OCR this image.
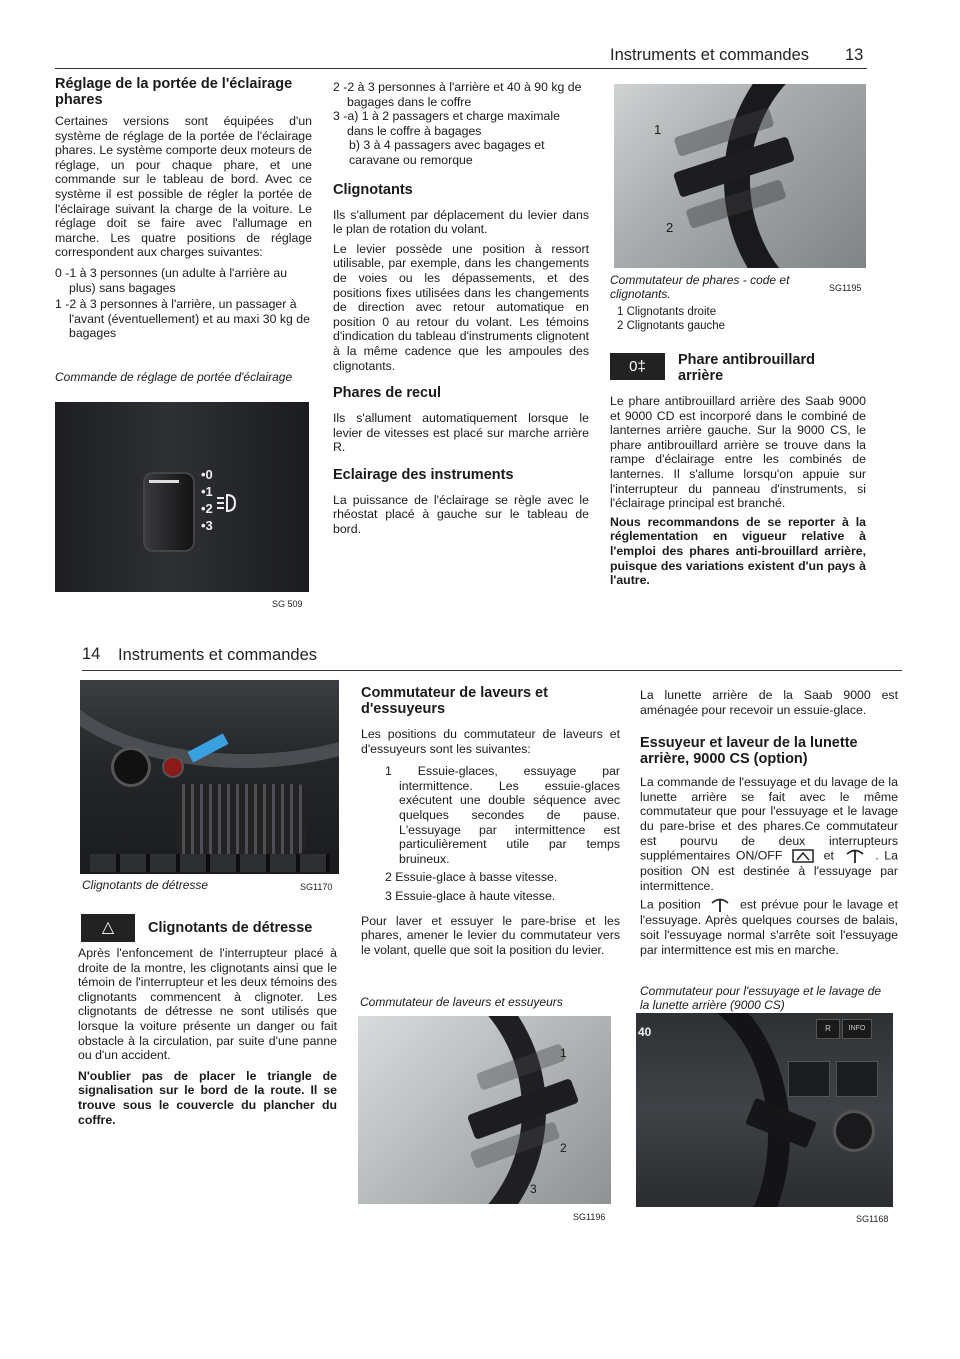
Instruments et commandes 13

Réglage de la portée de l'éclairage phares

Certaines versions sont équipées d'un système de réglage de la portée de l'éclairage phares. Le système comporte deux moteurs de réglage, un pour chaque phare, et une commande sur le tableau de bord. Avec ce système il est possible de régler la portée de l'éclairage suivant la charge de la voiture. Le réglage doit se faire avec l'allumage en marche. Les quatre positions de réglage correspondent aux charges suivantes:

0 -1 à 3 personnes (un adulte à l'arrière au plus) sans bagages

1 -2 à 3 personnes à l'arrière, un passager à l'avant (éventuellement) et au maxi 30 kg de bagages

Commande de réglage de portée d'éclairage
•0
•1
•2
•3
SG 509

2 -2 à 3 personnes à l'arrière et 40 à 90 kg de bagages dans le coffre

3 -a) 1 à 2 passagers et charge maximale dans le coffre à bagages

b) 3 à 4 passagers avec bagages et caravane ou remorque

Clignotants

Ils s'allument par déplacement du levier dans le plan de rotation du volant.

Le levier possède une position à ressort utilisable, par exemple, dans les changements de voies ou les dépassements, et des positions fixes utilisées dans les changements de direction avec retour automatique en position 0 au retour du volant. Les témoins d'indication du tableau d'instruments clignotent à la même cadence que les ampoules des clignotants.

Phares de recul

Ils s'allument automatiquement lorsque le levier de vitesses est placé sur marche arrière R.

Eclairage des instruments

La puissance de l'éclairage se règle avec le rhéostat placé à gauche sur le tableau de bord.

1
2
Commutateur de phares - code et clignotants.	SG1195
1 Clignotants droite
2 Clignotants gauche
0‡	Phare antibrouillard arrière

Le phare antibrouillard arrière des Saab 9000 et 9000 CD est incorporé dans le combiné de lanternes arrière gauche. Sur la 9000 CS, le phare antibrouillard arrière se trouve dans la rampe d'éclairage entre les combinés de lanternes. Il s'allume lorsqu'on appuie sur l'interrupteur du panneau d'instruments, si l'éclairage principal est branché.

Nous recommandons de se reporter à la réglementation en vigueur relative à l'emploi des phares anti-brouillard arrière, puisque des variations existent d'un pays à l'autre.

14 Instruments et commandes
Clignotants de détresse	SG1170
△	Clignotants de détresse

Après l'enfoncement de l'interrupteur placé à droite de la montre, les clignotants ainsi que le témoin de l'interrupteur et les deux témoins des clignotants commencent à clignoter. Les clignotants de détresse ne sont utilisés que lorsque la voiture présente un danger ou fait obstacle à la circulation, par suite d'une panne ou d'un accident.

N'oublier pas de placer le triangle de signalisation sur le bord de la route. Il se trouve sous le couvercle du plancher du coffre.

Commutateur de laveurs et d'essuyeurs

Les positions du commutateur de laveurs et d'essuyeurs sont les suivantes:

1 Essuie-glaces, essuyage par intermittence. Les essuie-glaces exécutent une double séquence avec quelques secondes de pause. L'essuyage par intermittence est particulièrement utile par temps bruineux.

2 Essuie-glace à basse vitesse.

3 Essuie-glace à haute vitesse.

Pour laver et essuyer le pare-brise et les phares, amener le levier du commutateur vers le volant, quelle que soit la position du levier.

Commutateur de laveurs et essuyeurs
1
2
3
SG1196

La lunette arrière de la Saab 9000 est aménagée pour recevoir un essuie-glace.

Essuyeur et laveur de la lunette arrière, 9000 CS (option)

La commande de l'essuyage et du lavage de la lunette arrière se fait avec le même commutateur que pour l'essuyage et le lavage du pare-brise et des phares.Ce commutateur est pourvu de deux interrupteurs supplémentaires ON/OFF	et	. La position ON est destinée à l'essuyage par intermittence.

La position	est prévue pour le lavage et l'essuyage. Après quelques courses de balais, soit l'essuyage normal s'arrête soit l'essuyage par intermittence est mis en marche.

Commutateur pour l'essuyage et le lavage de la lunette arrière (9000 CS)
40	INFO
R
SG1168
